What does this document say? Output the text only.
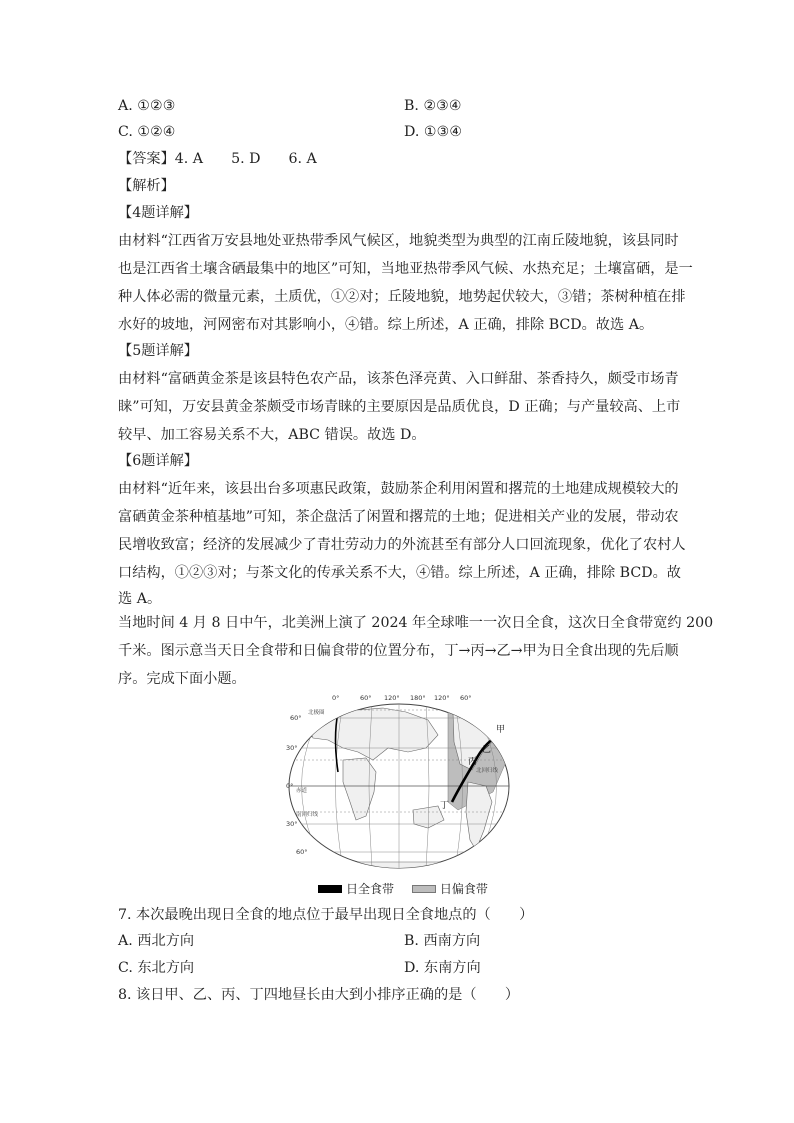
A. ①②③	B. ②③④
C. ①②④	D. ①③④
【答案】4. A 5. D 6. A
【解析】
【4题详解】
由材料“江西省万安县地处亚热带季风气候区，地貌类型为典型的江南丘陵地貌，该县同时
也是江西省土壤含硒最集中的地区”可知，当地亚热带季风气候、水热充足；土壤富硒，是一
种人体必需的微量元素，土质优，①②对；丘陵地貌，地势起伏较大，③错；茶树种植在排
水好的坡地，河网密布对其影响小，④错。综上所述，A 正确，排除 BCD。故选 A。
【5题详解】
由材料“富硒黄金茶是该县特色农产品，该茶色泽亮黄、入口鲜甜、茶香持久，颇受市场青
睐”可知，万安县黄金茶颇受市场青睐的主要原因是品质优良，D 正确；与产量较高、上市
较早、加工容易关系不大，ABC 错误。故选 D。
【6题详解】
由材料“近年来，该县出台多项惠民政策，鼓励茶企利用闲置和撂荒的土地建成规模较大的
富硒黄金茶种植基地”可知，茶企盘活了闲置和撂荒的土地；促进相关产业的发展，带动农
民增收致富；经济的发展减少了青壮劳动力的外流甚至有部分人口回流现象，优化了农村人
口结构，①②③对；与茶文化的传承关系不大，④错。综上所述，A 正确，排除 BCD。故
选 A。
当地时间 4 月 8 日中午，北美洲上演了 2024 年全球唯一一次日全食，这次日全食带宽约 200
千米。图示意当天日全食带和日偏食带的位置分布，丁→丙→乙→甲为日全食出现的先后顺
序。完成下面小题。
0°	60° 120° 180° 120° 60°
60°
30°
0°
30°
60°
北极圈
赤道
南回归线
北回归线
甲
乙
丙
丁
日全食带	日偏食带
7. 本次最晚出现日全食的地点位于最早出现日全食地点的（　　）
A. 西北方向	B. 西南方向
C. 东北方向	D. 东南方向
8. 该日甲、乙、丙、丁四地昼长由大到小排序正确的是（　　）
